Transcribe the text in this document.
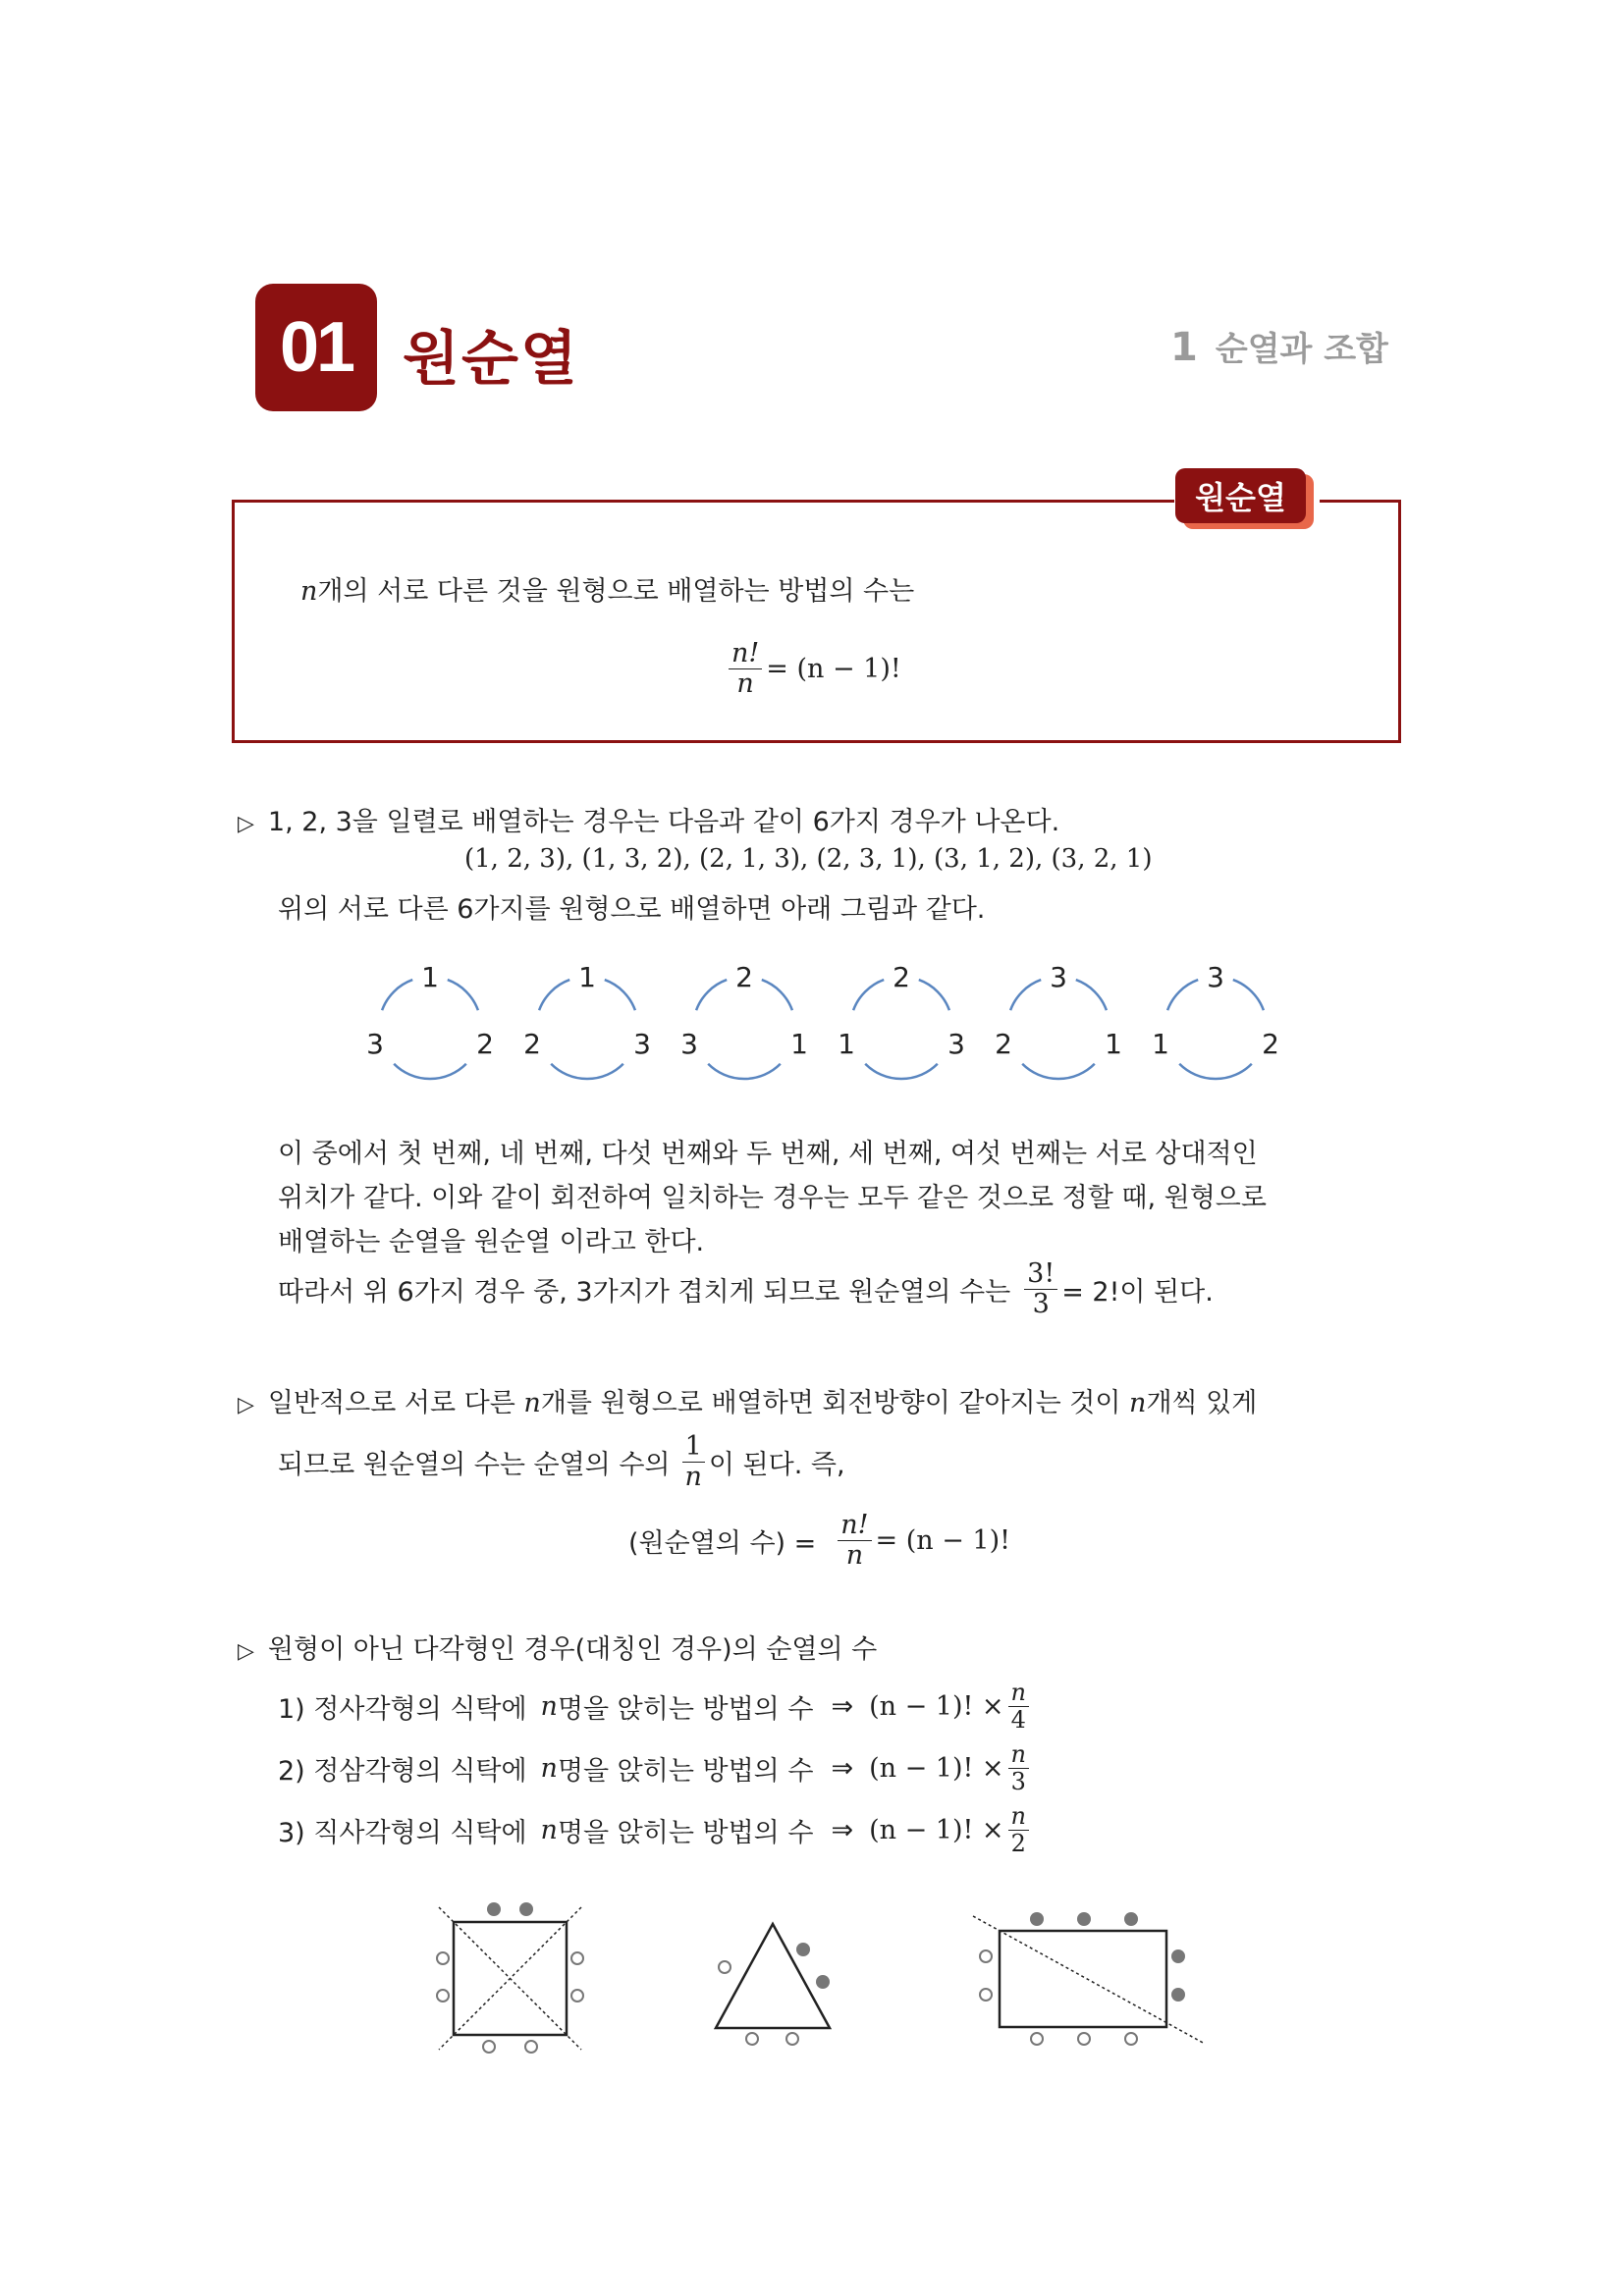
01 원순열	1 순열과 조합
원순열
n개의 서로 다른 것을 원형으로 배열하는 방법의 수는
$\frac{n!}{n} = (n - 1)$!
▷ 1, 2, 3을 일렬로 배열하는 경우는 다음과 같이 6가지 경우가 나온다.
(1, 2, 3), (1, 3, 2), (2, 1, 3), (2, 3, 1), (3, 1, 2), (3, 2, 1)
위의 서로 다른 6가지를 원형으로 배열하면 아래 그림과 같다.
1
3	2
1
2	3
2
3	1
2
1	3
3
2	1
3
1	2
이 중에서 첫 번째, 네 번째, 다섯 번째와 두 번째, 세 번째, 여섯 번째는 서로 상대적인
위치가 같다. 이와 같이 회전하여 일치하는 경우는 모두 같은 것으로 정할 때, 원형으로
배열하는 순열을 원순열 이라고 한다.
따라서 위 6가지 경우 중, 3가지가 겹치게 되므로 원순열의 수는 $\frac{3!}{3} = 2$!이 된다.
▷ 일반적으로 서로 다른 n개를 원형으로 배열하면 회전방향이 같아지는 것이 n개씩 있게
되므로 원순열의 수는 순열의 수의 $\frac{1}{n}$ 이 된다. 즉,
(원순열의 수) = $\frac{n!}{n} = (n - 1)$!
▷ 원형이 아닌 다각형인 경우(대칭인 경우)의 순열의 수
1) 정사각형의 식탁에 n 명을 앉히는 방법의 수 ⇒ (n − 1)! × $\frac{n}{4}$
2) 정삼각형의 식탁에 n 명을 앉히는 방법의 수 ⇒ (n − 1)! × $\frac{n}{3}$
3) 직사각형의 식탁에 n 명을 앉히는 방법의 수 ⇒ (n − 1)! × $\frac{n}{2}$
